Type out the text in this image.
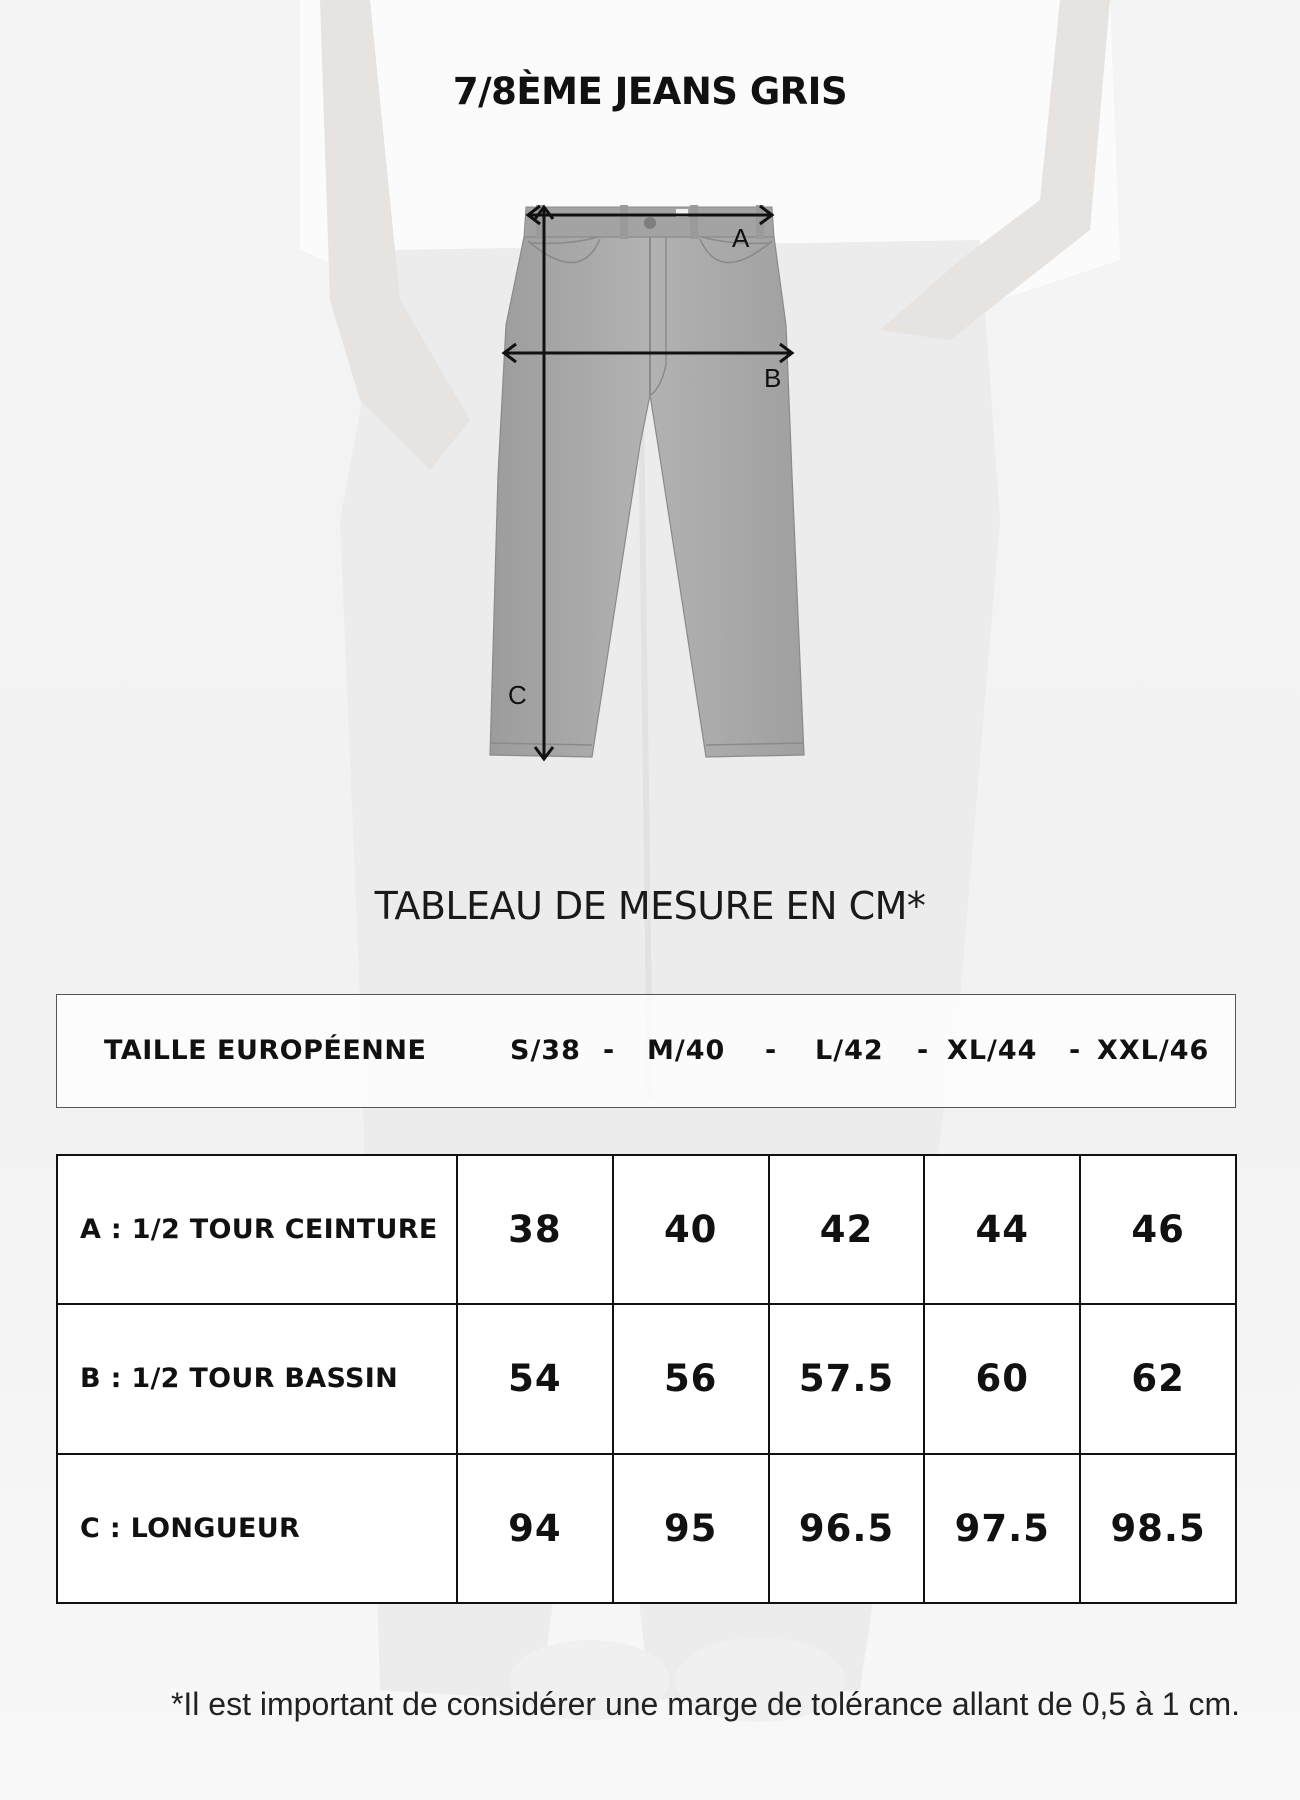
7/8ÈME JEANS GRIS
A
B
C
TABLEAU DE MESURE EN CM*
TAILLE EUROPÉENNE	S/38 - M/40 - L/42 - XL/44 - XXL/46
A : 1/2 TOUR CEINTURE	38	40	42	44	46
B : 1/2 TOUR BASSIN	54	56	57.5	60	62
C : LONGUEUR	94	95	96.5	97.5	98.5
*Il est important de considérer une marge de tolérance allant de 0,5 à 1 cm.
